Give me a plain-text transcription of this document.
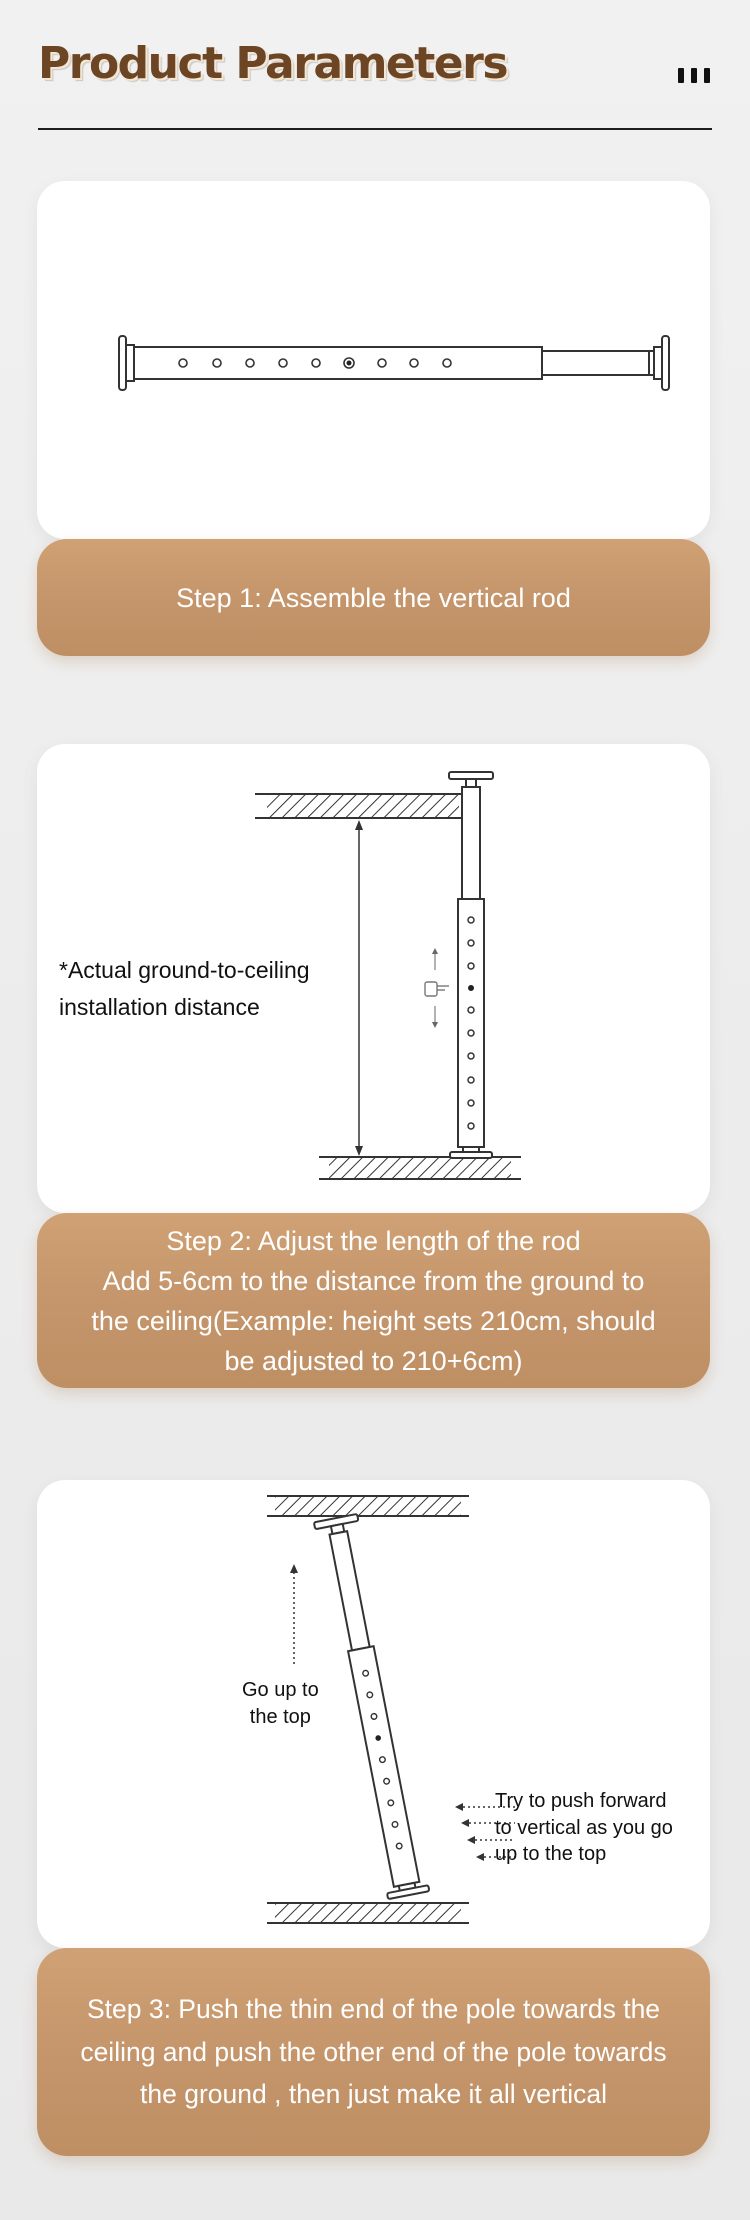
Product Parameters
Step 1: Assemble the vertical rod
*Actual ground-to-ceiling
installation distance
Step 2: Adjust the length of the rod
Add 5-6cm to the distance from the ground to
the ceiling(Example: height sets 210cm, should
be adjusted to 210+6cm)
Go up to
the top
Try to push forward
to vertical as you go
up to the top
Step 3: Push the thin end of the pole towards the
ceiling and push the other end of the pole towards
the ground , then just make it all vertical
